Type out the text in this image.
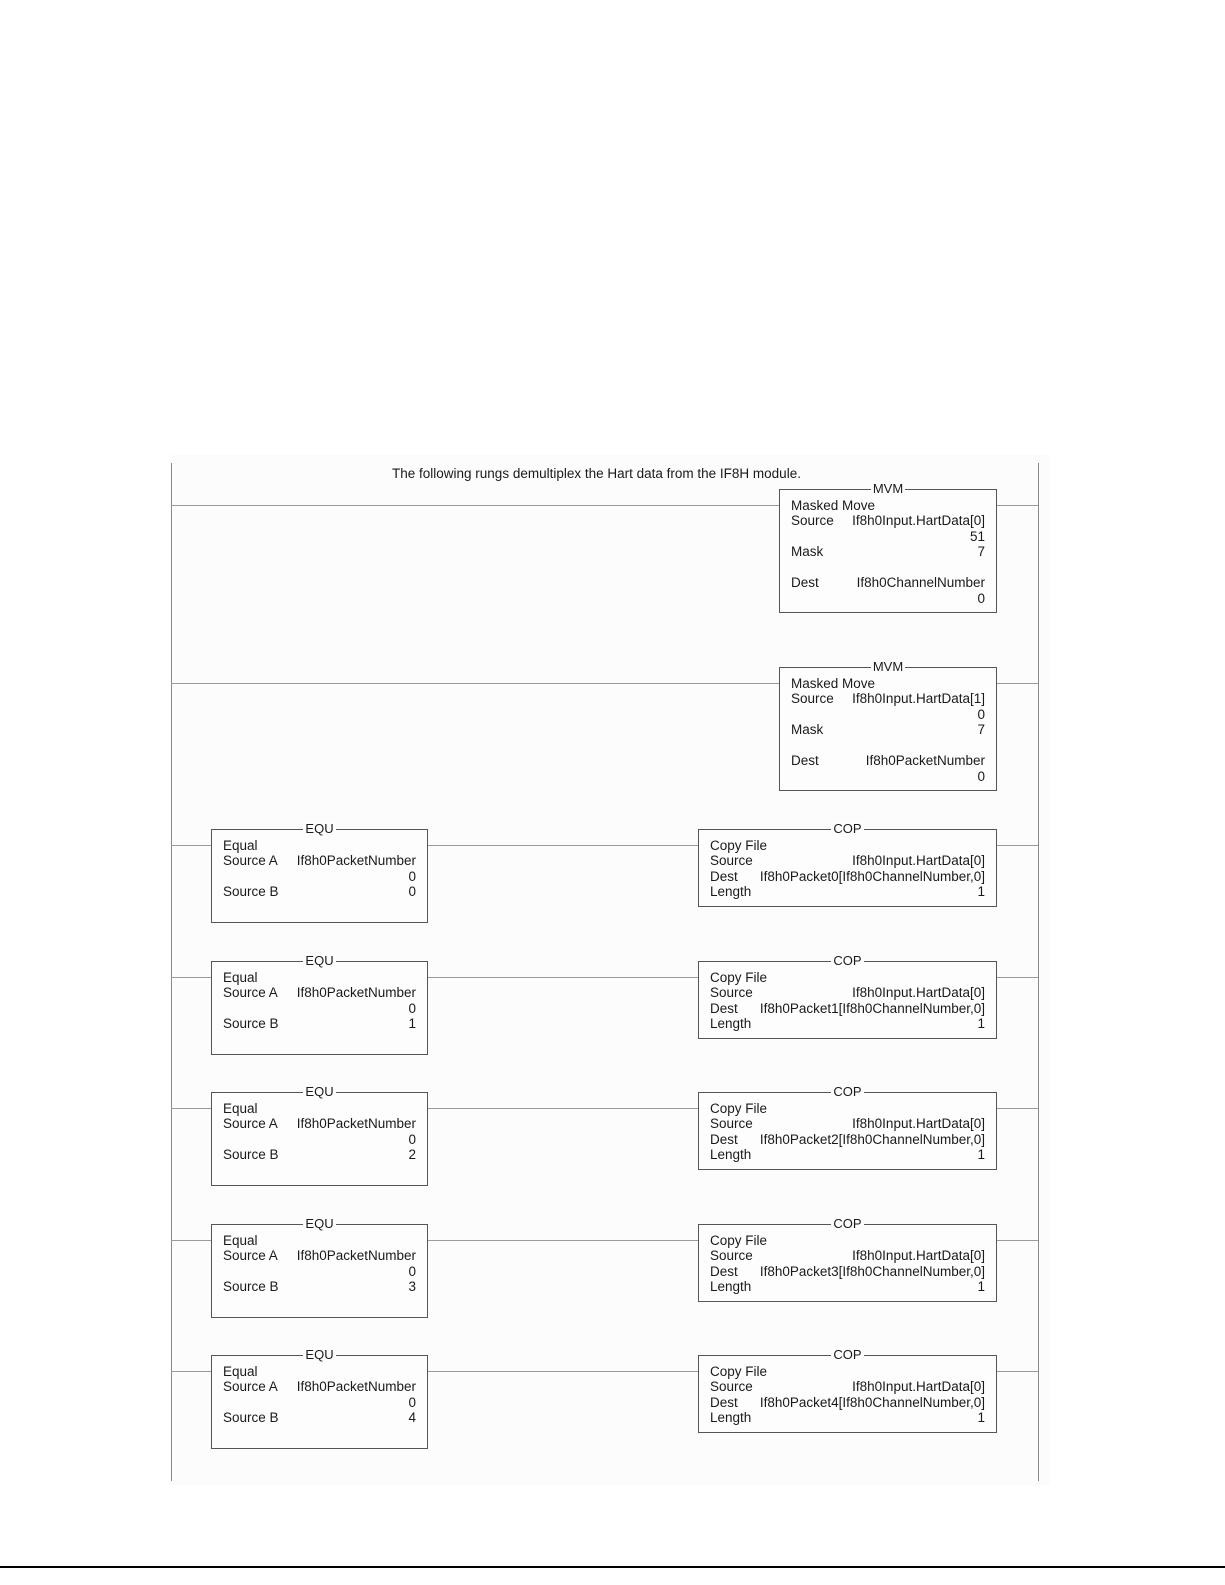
The following rungs demultiplex the Hart data from the IF8H module.
MVM
Masked Move
Source If8h0Input.HartData[0]
51
Mask	7
Dest	If8h0ChannelNumber
0
MVM
Masked Move
Source If8h0Input.HartData[1]
0
Mask	7
Dest	If8h0PacketNumber
0
EQU
Equal
Source A If8h0PacketNumber
0
Source B	0
COP
Copy File
Source	If8h0Input.HartData[0]
Dest If8h0Packet0[If8h0ChannelNumber,0]
Length	1
EQU
Equal
Source A If8h0PacketNumber
0
Source B	1
COP
Copy File
Source	If8h0Input.HartData[0]
Dest If8h0Packet1[If8h0ChannelNumber,0]
Length	1
EQU
Equal
Source A If8h0PacketNumber
0
Source B	2
COP
Copy File
Source	If8h0Input.HartData[0]
Dest If8h0Packet2[If8h0ChannelNumber,0]
Length	1
EQU
Equal
Source A If8h0PacketNumber
0
Source B	3
COP
Copy File
Source	If8h0Input.HartData[0]
Dest If8h0Packet3[If8h0ChannelNumber,0]
Length	1
EQU
Equal
Source A If8h0PacketNumber
0
Source B	4
COP
Copy File
Source	If8h0Input.HartData[0]
Dest If8h0Packet4[If8h0ChannelNumber,0]
Length	1
